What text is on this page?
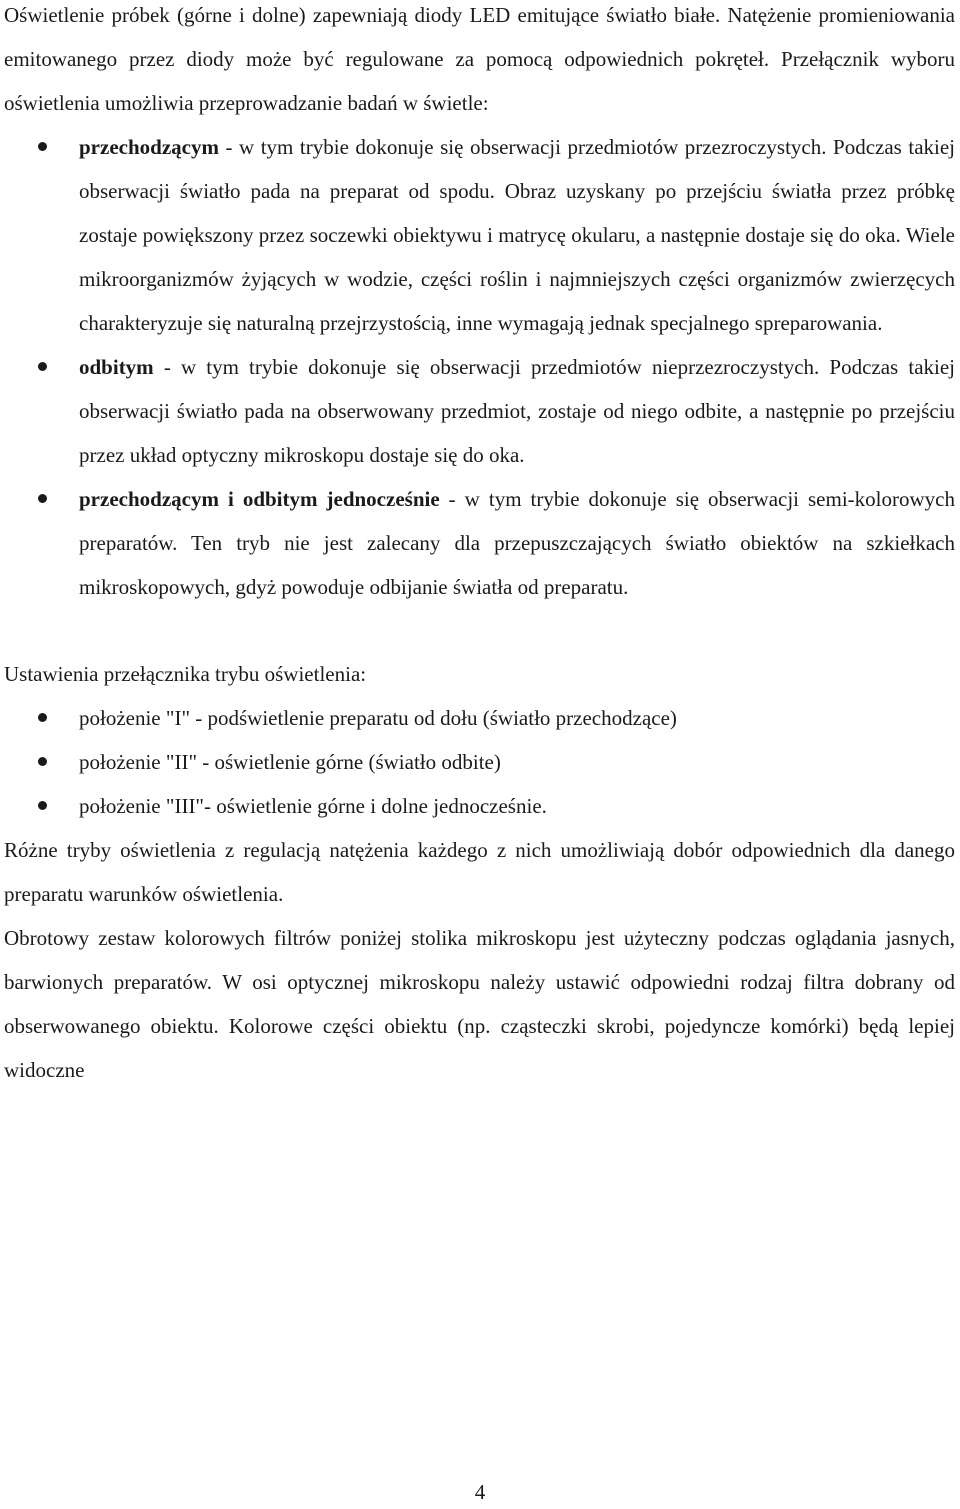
Oświetlenie próbek (górne i dolne) zapewniają diody LED emitujące światło białe. Natężenie promieniowania emitowanego przez diody może być regulowane za pomocą odpowiednich pokręteł. Przełącznik wyboru oświetlenia umożliwia przeprowadzanie badań w świetle:

przechodzącym - w tym trybie dokonuje się obserwacji przedmiotów przezroczystych. Podczas takiej obserwacji światło pada na preparat od spodu. Obraz uzyskany po przejściu światła przez próbkę zostaje powiększony przez soczewki obiektywu i matrycę okularu, a następnie dostaje się do oka. Wiele mikroorganizmów żyjących w wodzie, części roślin i najmniejszych części organizmów zwierzęcych charakteryzuje się naturalną przejrzystością, inne wymagają jednak specjalnego spreparowania.
odbitym - w tym trybie dokonuje się obserwacji przedmiotów nieprzezroczystych. Podczas takiej obserwacji światło pada na obserwowany przedmiot, zostaje od niego odbite, a następnie po przejściu przez układ optyczny mikroskopu dostaje się do oka.
przechodzącym i odbitym jednocześnie - w tym trybie dokonuje się obserwacji semi-kolorowych preparatów. Ten tryb nie jest zalecany dla przepuszczających światło obiektów na szkiełkach mikroskopowych, gdyż powoduje odbijanie światła od preparatu.

Ustawienia przełącznika trybu oświetlenia:

położenie "I" - podświetlenie preparatu od dołu (światło przechodzące)
położenie "II" - oświetlenie górne (światło odbite)
położenie "III"- oświetlenie górne i dolne jednocześnie.

Różne tryby oświetlenia z regulacją natężenia każdego z nich umożliwiają dobór odpowiednich dla danego preparatu warunków oświetlenia.

Obrotowy zestaw kolorowych filtrów poniżej stolika mikroskopu jest użyteczny podczas oglądania jasnych, barwionych preparatów. W osi optycznej mikroskopu należy ustawić odpowiedni rodzaj filtra dobrany od obserwowanego obiektu. Kolorowe części obiektu (np. cząsteczki skrobi, pojedyncze komórki) będą lepiej widoczne

4
